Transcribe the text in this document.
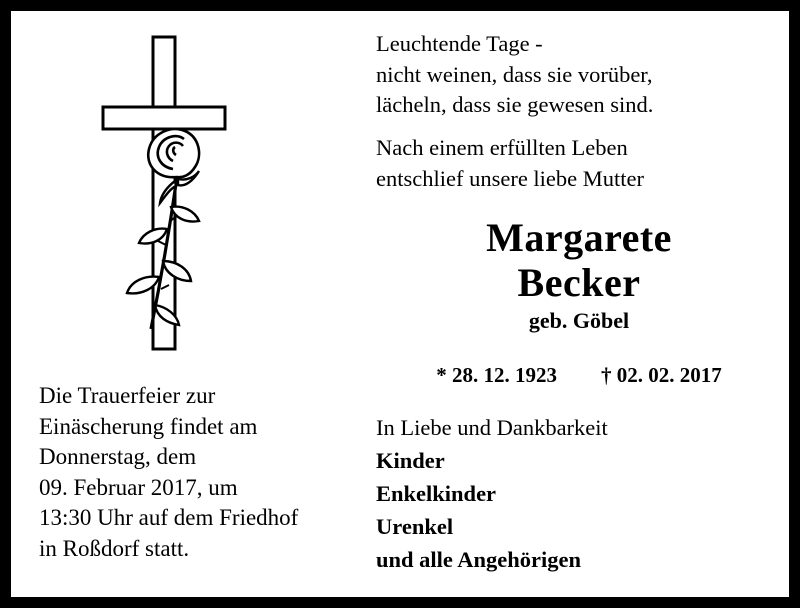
Die Trauerfeier zur
Einäscherung findet am
Donnerstag, dem
09. Februar 2017, um
13:30 Uhr auf dem Friedhof
in Roßdorf statt.
Leuchtende Tage -
nicht weinen, dass sie vorüber,
lächeln, dass sie gewesen sind.
Nach einem erfüllten Leben
entschlief unsere liebe Mutter
Margarete
Becker
geb. Göbel
* 28. 12. 1923 † 02. 02. 2017
In Liebe und Dankbarkeit
Kinder
Enkelkinder
Urenkel
und alle Angehörigen
